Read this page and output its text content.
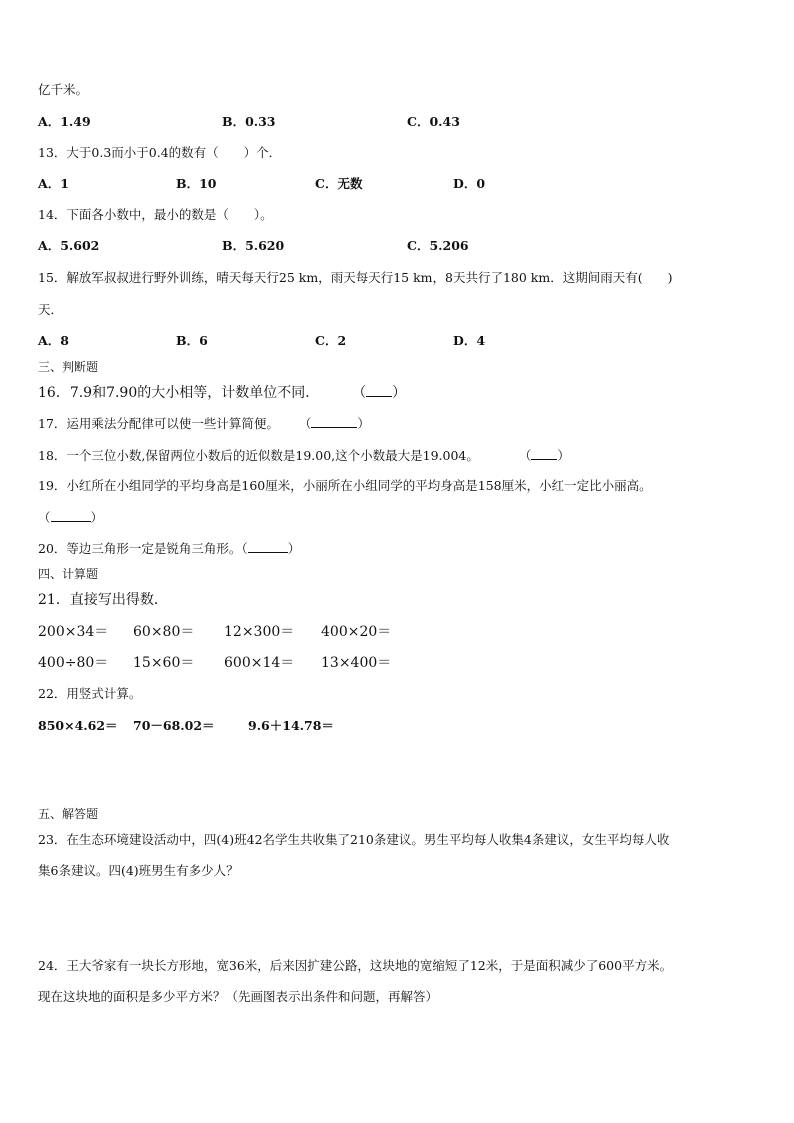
亿千米。
A．1.49	B．0.33	C．0.43
13．大于0.3而小于0.4的数有（　　）个．
A．1	B．10	C．无数	D．0
14．下面各小数中，最小的数是（　　）。
A．5.602	B．5.620	C．5.206
15．解放军叔叔进行野外训练，晴天每天行25 km，雨天每天行15 km，8天共行了180 km．这期间雨天有(　　)
天．
A．8	B．6	C．2	D．4
三、判断题
16．7.9和7.90的大小相等，计数单位不同． （ ）
17．运用乘法分配律可以使一些计算简便。 （	）
18．一个三位小数,保留两位小数后的近似数是19.00,这个小数最大是19.004。	（ ）
19．小红所在小组同学的平均身高是160厘米，小丽所在小组同学的平均身高是158厘米，小红一定比小丽高。
（	）
20．等边三角形一定是锐角三角形。（	）
四、计算题
21．直接写出得数．
200×34＝ 60×80＝ 12×300＝ 400×20＝
400÷80＝ 15×60＝ 600×14＝ 13×400＝
22．用竖式计算。
850×4.62＝ 70－68.02＝	9.6＋14.78＝
五、解答题
23．在生态环境建设活动中，四(4)班42名学生共收集了210条建议。男生平均每人收集4条建议，女生平均每人收
集6条建议。四(4)班男生有多少人？
24．王大爷家有一块长方形地，宽36米，后来因扩建公路，这块地的宽缩短了12米，于是面积减少了600平方米。
现在这块地的面积是多少平方米？（先画图表示出条件和问题，再解答）
